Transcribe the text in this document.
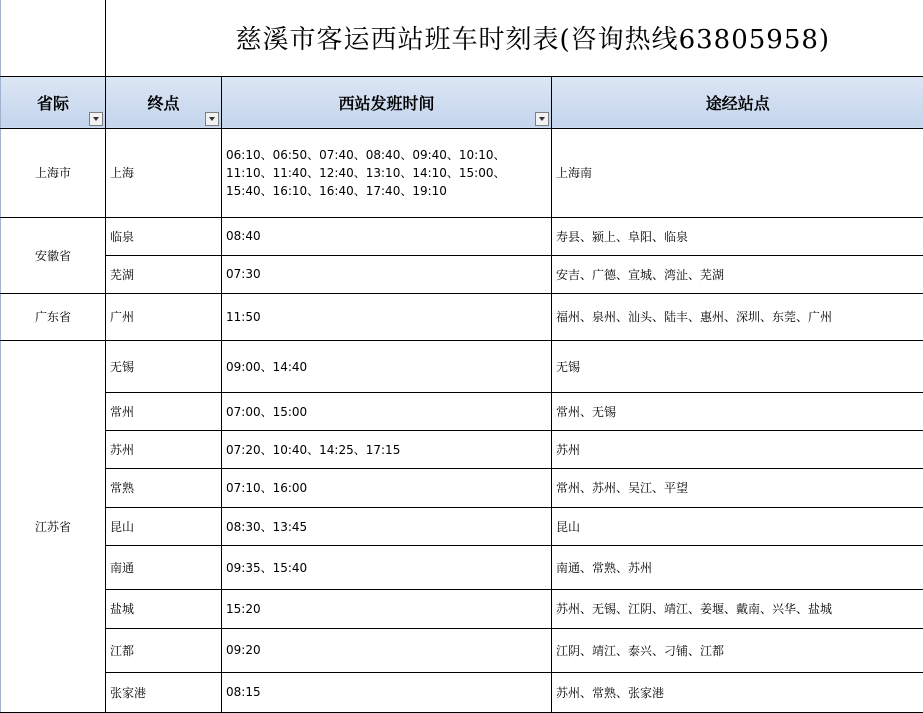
	慈溪市客运西站班车时刻表(咨询热线63805958)		
省际	终点	西站发班时间	途经站点
上海市	上海	06:10、06:50、07:40、08:40、09:40、10:10、11:10、11:40、12:40、13:10、14:10、15:00、15:40、16:10、16:40、17:40、19:10	上海南
安徽省	临泉	08:40	寿县、颍上、阜阳、临泉
	芜湖	07:30	安吉、广德、宣城、湾沚、芜湖
广东省	广州	11:50	福州、泉州、汕头、陆丰、惠州、深圳、东莞、广州
江苏省	无锡	09:00、14:40	无锡
	常州	07:00、15:00	常州、无锡
	苏州	07:20、10:40、14:25、17:15	苏州
	常熟	07:10、16:00	常州、苏州、吴江、平望
	昆山	08:30、13:45	昆山
	南通	09:35、15:40	南通、常熟、苏州
	盐城	15:20	苏州、无锡、江阴、靖江、姜堰、戴南、兴华、盐城
	江都	09:20	江阴、靖江、泰兴、刁铺、江都
	张家港	08:15	苏州、常熟、张家港
